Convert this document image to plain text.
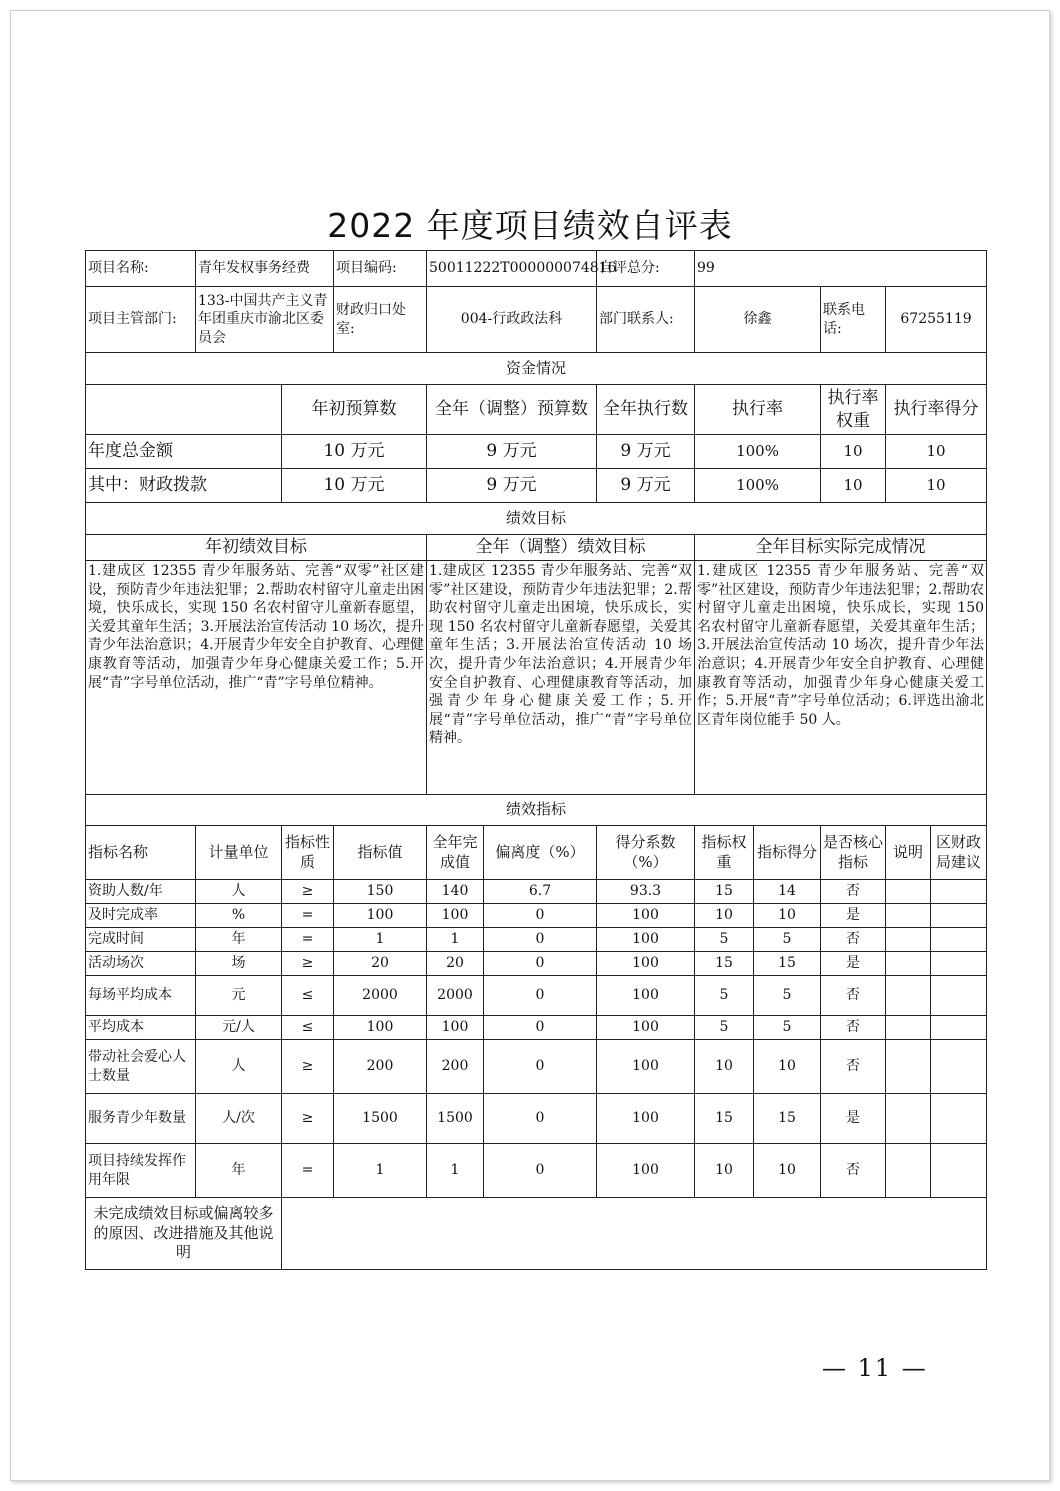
2022 年度项目绩效自评表
项目名称:	青年发权事务经费		项目编码:	50011222T000000074816		自评总分:	99				
项目主管部门:	133-中国共产主义青年团重庆市渝北区委员会		财政归口处室:	004-行政政法科		部门联系人:	徐鑫		联系电话:	67255119	
资金情况											
		年初预算数		全年（调整）预算数		全年执行数	执行率		执行率权重	执行率得分	
年度总金额		10 万元		9 万元		9 万元	100%		10	10	
其中：财政拨款		10 万元		9 万元		9 万元	100%		10	10	
绩效目标											
年初绩效目标				全年（调整）绩效目标			全年目标实际完成情况				
1.建成区 12355 青少年服务站、完善“双零”社区建设，预防青少年违法犯罪；2.帮助农村留守儿童走出困境，快乐成长，实现 150 名农村留守儿童新春愿望，关爱其童年生活；3.开展法治宣传活动 10 场次，提升青少年法治意识；4.开展青少年安全自护教育、心理健康教育等活动，加强青少年身心健康关爱工作；5.开展“青”字号单位活动，推广“青”字号单位精神。				1.建成区 12355 青少年服务站、完善“双零”社区建设，预防青少年违法犯罪；2.帮助农村留守儿童走出困境，快乐成长，实现 150 名农村留守儿童新春愿望，关爱其童年生活；3.开展法治宣传活动 10 场次，提升青少年法治意识；4.开展青少年安全自护教育、心理健康教育等活动，加强青少年身心健康关爱工作；5.开展“青”字号单位活动，推广“青”字号单位精神。			1.建成区 12355 青少年服务站、完善“双零”社区建设，预防青少年违法犯罪；2.帮助农村留守儿童走出困境，快乐成长，实现 150 名农村留守儿童新春愿望，关爱其童年生活；3.开展法治宣传活动 10 场次，提升青少年法治意识；4.开展青少年安全自护教育、心理健康教育等活动，加强青少年身心健康关爱工作；5.开展“青”字号单位活动；6.评选出渝北区青年岗位能手 50 人。				
绩效指标											
指标名称	计量单位	指标性质	指标值	全年完成值	偏离度（%）	得分系数（%）	指标权重	指标得分	是否核心指标	说明	区财政局建议
资助人数/年	人	≥	150	140	6.7	93.3	15	14	否		
及时完成率	%	=	100	100	0	100	10	10	是		
完成时间	年	=	1	1	0	100	5	5	否		
活动场次	场	≥	20	20	0	100	15	15	是		
每场平均成本	元	≤	2000	2000	0	100	5	5	否		
平均成本	元/人	≤	100	100	0	100	5	5	否		
带动社会爱心人士数量	人	≥	200	200	0	100	10	10	否		
服务青少年数量	人/次	≥	1500	1500	0	100	15	15	是		
项目持续发挥作用年限	年	=	1	1	0	100	10	10	否		
未完成绩效目标或偏离较多的原因、改进措施及其他说明											
— 11 —
